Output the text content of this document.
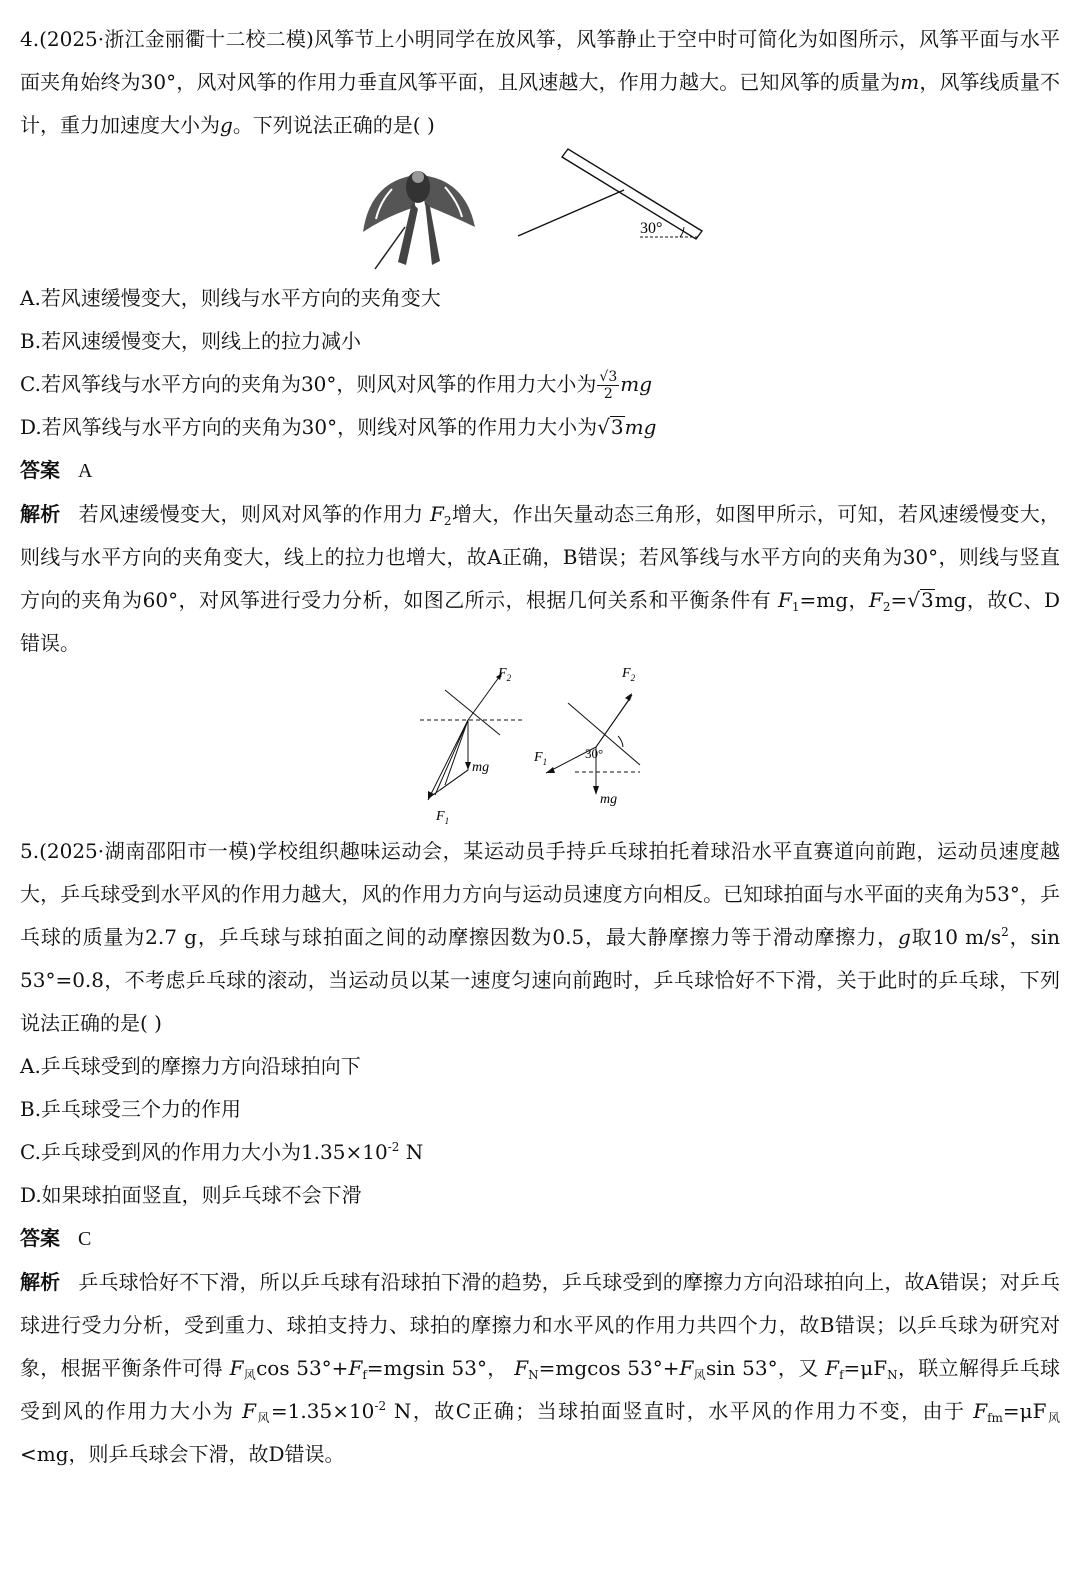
4.(2025·浙江金丽衢十二校二模)风筝节上小明同学在放风筝，风筝静止于空中时可简化为如图所示，风筝平面与水平面夹角始终为30°，风对风筝的作用力垂直风筝平面，且风速越大，作用力越大。已知风筝的质量为m，风筝线质量不计，重力加速度大小为g。下列说法正确的是( )

30°

A.若风速缓慢变大，则线与水平方向的夹角变大

B.若风速缓慢变大，则线上的拉力减小

C.若风筝线与水平方向的夹角为30°，则风对风筝的作用力大小为 $\frac{√3}{2}$ mg

D.若风筝线与水平方向的夹角为30°，则线对风筝的作用力大小为√3mg

答案 A

解析 若风速缓慢变大，则风对风筝的作用力 $F_2$增大，作出矢量动态三角形，如图甲所示，可知，若风速缓慢变大，则线与水平方向的夹角变大，线上的拉力也增大，故A正确，B错误；若风筝线与水平方向的夹角为30°，则线与竖直方向的夹角为60°，对风筝进行受力分析，如图乙所示，根据几何关系和平衡条件有 $F_1=mg$，$F_2=√3mg$，故C、D错误。

$F_2$
mg
$F_1$
$F_2$
$F_1$
30°
mg

5.(2025·湖南邵阳市一模)学校组织趣味运动会，某运动员手持乒乓球拍托着球沿水平直赛道向前跑，运动员速度越大，乒乓球受到水平风的作用力越大，风的作用力方向与运动员速度方向相反。已知球拍面与水平面的夹角为53°，乒乓球的质量为2.7 g，乒乓球与球拍面之间的动摩擦因数为0.5，最大静摩擦力等于滑动摩擦力，g取10 $m/s^2$，sin 53°=0.8，不考虑乒乓球的滚动，当运动员以某一速度匀速向前跑时，乒乓球恰好不下滑，关于此时的乒乓球，下列说法正确的是( )

A.乒乓球受到的摩擦力方向沿球拍向下

B.乒乓球受三个力的作用

C.乒乓球受到风的作用力大小为$1.35\times 10^{-2}$ N

D.如果球拍面竖直，则乒乓球不会下滑

答案 C

解析 乒乓球恰好不下滑，所以乒乓球有沿球拍下滑的趋势，乒乓球受到的摩擦力方向沿球拍向上，故A错误；对乒乓球进行受力分析，受到重力、球拍支持力、球拍的摩擦力和水平风的作用力共四个力，故B错误；以乒乓球为研究对象，根据平衡条件可得 $F_风\cos$ $53^\circ+F_f=mgsin$ 53°， $F_N=mgcos$ $53^\circ+F_风\sin$ 53°，又 $F_f=\mu F_N$，联立解得乒乓球受到风的作用力大小为 $F_风=1.35\times 10^{-2}$ N，故C正确；当球拍面竖直时，水平风的作用力不变，由于 $F_{fm}=\mu F_风<mg$，则乒乓球会下滑，故D错误。
